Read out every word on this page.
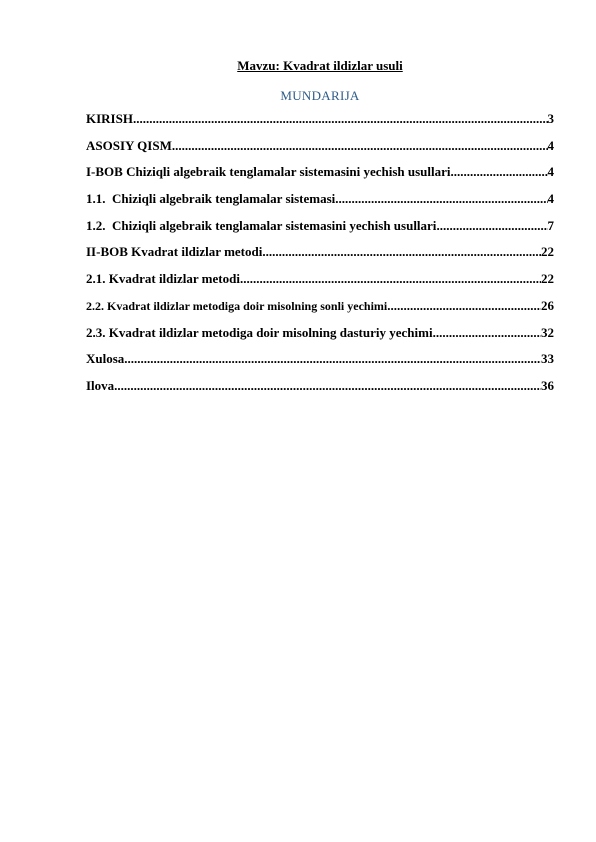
Mavzu: Kvadrat ildizlar usuli

MUNDARIJA

KIRISH .....	3
ASOSIY QISM .....	4
I-BOB Chiziqli algebraik tenglamalar sistemasini yechish usullari .....	4
1.1. Chiziqli algebraik tenglamalar sistemasi .....	4
1.2. Chiziqli algebraik tenglamalar sistemasini yechish usullari .....	7
II-BOB Kvadrat ildizlar metodi .....	22
2.1. Kvadrat ildizlar metodi .....	22
2.2. Kvadrat ildizlar metodiga doir misolning sonli yechimi .....	26
2.3. Kvadrat ildizlar metodiga doir misolning dasturiy yechimi .....	32
Xulosa .....	33
Ilova .....	36
